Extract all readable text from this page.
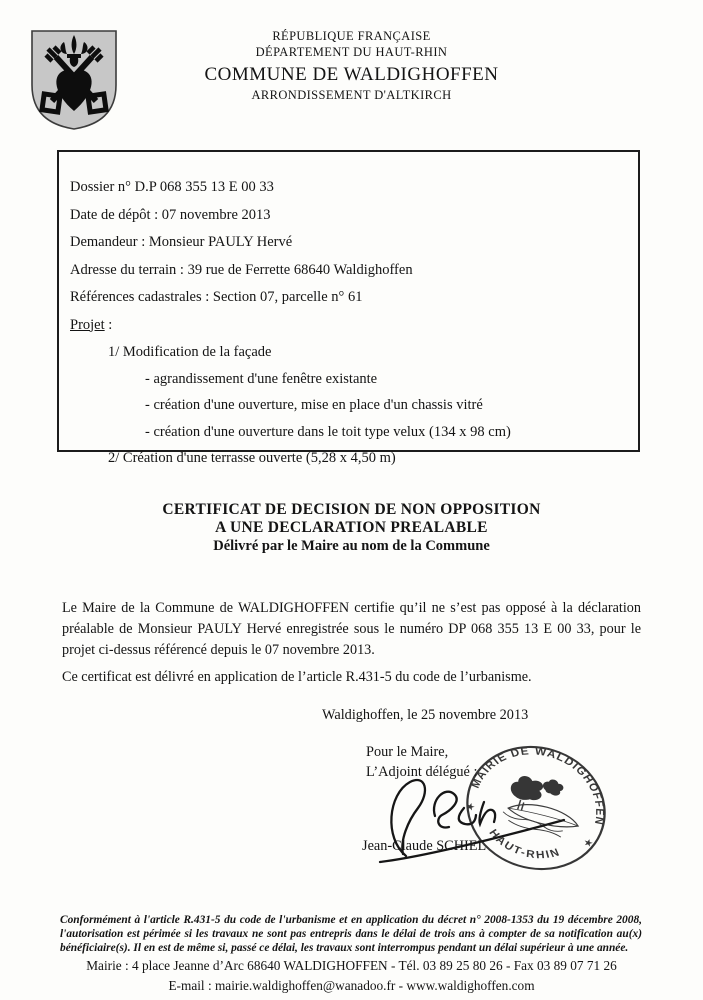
RÉPUBLIQUE FRANÇAISE
DÉPARTEMENT DU HAUT-RHIN
COMMUNE DE WALDIGHOFFEN
ARRONDISSEMENT D'ALTKIRCH

Dossier n° D.P 068 355 13 E 00 33

Date de dépôt : 07 novembre 2013

Demandeur : Monsieur PAULY Hervé

Adresse du terrain : 39 rue de Ferrette 68640 Waldighoffen

Références cadastrales : Section 07, parcelle n° 61

Projet :

1/ Modification de la façade

- agrandissement d'une fenêtre existante

- création d'une ouverture, mise en place d'un chassis vitré

- création d'une ouverture dans le toit type velux (134 x 98 cm)

2/ Création d'une terrasse ouverte (5,28 x 4,50 m)

CERTIFICAT DE DECISION DE NON OPPOSITION
A UNE DECLARATION PREALABLE
Délivré par le Maire au nom de la Commune

Le Maire de la Commune de WALDIGHOFFEN certifie qu’il ne s’est pas opposé à la déclaration préalable de Monsieur PAULY Hervé enregistrée sous le numéro DP 068 355 13 E 00 33, pour le projet ci-dessus référencé depuis le 07 novembre 2013.

Ce certificat est délivré en application de l’article R.431-5 du code de l’urbanisme.

Waldighoffen, le 25 novembre 2013
Pour le Maire,
L’Adjoint délégué :
Jean-Claude SCHIEL
MAIRIE DE WALDIGHOFFEN
HAUT-RHIN
★
★

Conformément à l'article R.431-5 du code de l'urbanisme et en application du décret n° 2008-1353 du 19 décembre 2008, l'autorisation est périmée si les travaux ne sont pas entrepris dans le délai de trois ans à compter de sa notification au(x) bénéficiaire(s). Il en est de même si, passé ce délai, les travaux sont interrompus pendant un délai supérieur à une année.

Mairie : 4 place Jeanne d’Arc 68640 WALDIGHOFFEN - Tél. 03 89 25 80 26 - Fax 03 89 07 71 26
E-mail : mairie.waldighoffen@wanadoo.fr - www.waldighoffen.com
